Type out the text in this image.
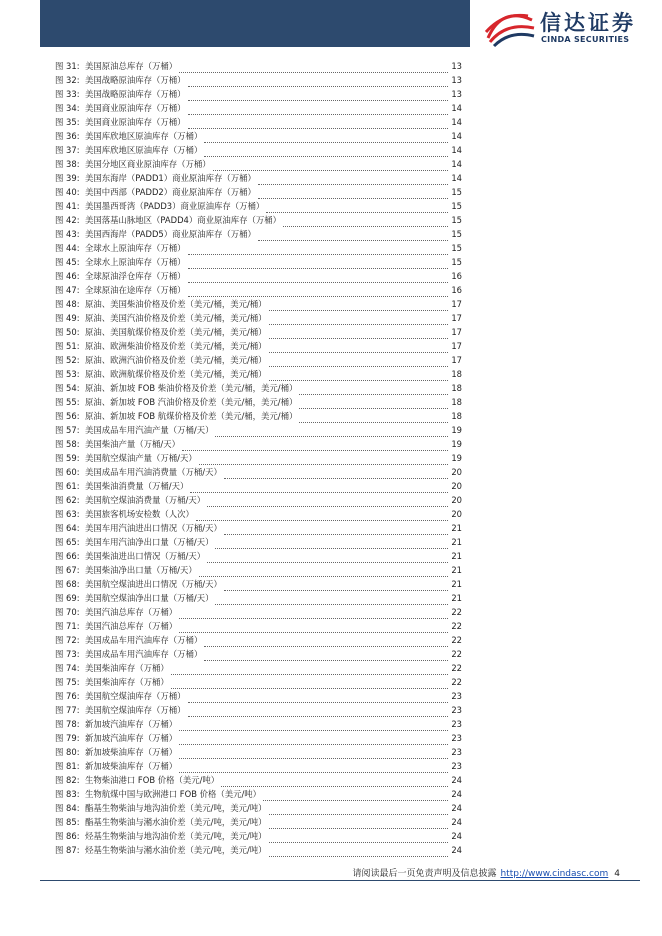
信达证券
CINDA SECURITIES
图 31: 美国原油总库存（万桶）	13
图 32: 美国战略原油库存（万桶）	13
图 33: 美国战略原油库存（万桶）	13
图 34: 美国商业原油库存（万桶）	14
图 35: 美国商业原油库存（万桶）	14
图 36: 美国库欣地区原油库存（万桶）	14
图 37: 美国库欣地区原油库存（万桶）	14
图 38: 美国分地区商业原油库存（万桶）	14
图 39: 美国东海岸（PADD1）商业原油库存（万桶）	14
图 40: 美国中西部（PADD2）商业原油库存（万桶）	15
图 41: 美国墨西哥湾（PADD3）商业原油库存（万桶）	15
图 42: 美国落基山脉地区（PADD4）商业原油库存（万桶）	15
图 43: 美国西海岸（PADD5）商业原油库存（万桶）	15
图 44: 全球水上原油库存（万桶）	15
图 45: 全球水上原油库存（万桶）	15
图 46: 全球原油浮仓库存（万桶）	16
图 47: 全球原油在途库存（万桶）	16
图 48: 原油、美国柴油价格及价差（美元/桶，美元/桶）	17
图 49: 原油、美国汽油价格及价差（美元/桶，美元/桶）	17
图 50: 原油、美国航煤价格及价差（美元/桶，美元/桶）	17
图 51: 原油、欧洲柴油价格及价差（美元/桶，美元/桶）	17
图 52: 原油、欧洲汽油价格及价差（美元/桶，美元/桶）	17
图 53: 原油、欧洲航煤价格及价差（美元/桶，美元/桶）	18
图 54: 原油、新加坡 FOB 柴油价格及价差（美元/桶，美元/桶）	18
图 55: 原油、新加坡 FOB 汽油价格及价差（美元/桶，美元/桶）	18
图 56: 原油、新加坡 FOB 航煤价格及价差（美元/桶，美元/桶）	18
图 57: 美国成品车用汽油产量（万桶/天）	19
图 58: 美国柴油产量（万桶/天）	19
图 59: 美国航空煤油产量（万桶/天）	19
图 60: 美国成品车用汽油消费量（万桶/天）	20
图 61: 美国柴油消费量（万桶/天）	20
图 62: 美国航空煤油消费量（万桶/天）	20
图 63: 美国旅客机场安检数（人次）	20
图 64: 美国车用汽油进出口情况（万桶/天）	21
图 65: 美国车用汽油净出口量（万桶/天）	21
图 66: 美国柴油进出口情况（万桶/天）	21
图 67: 美国柴油净出口量（万桶/天）	21
图 68: 美国航空煤油进出口情况（万桶/天）	21
图 69: 美国航空煤油净出口量（万桶/天）	21
图 70: 美国汽油总库存（万桶）	22
图 71: 美国汽油总库存（万桶）	22
图 72: 美国成品车用汽油库存（万桶）	22
图 73: 美国成品车用汽油库存（万桶）	22
图 74: 美国柴油库存（万桶）	22
图 75: 美国柴油库存（万桶）	22
图 76: 美国航空煤油库存（万桶）	23
图 77: 美国航空煤油库存（万桶）	23
图 78: 新加坡汽油库存（万桶）	23
图 79: 新加坡汽油库存（万桶）	23
图 80: 新加坡柴油库存（万桶）	23
图 81: 新加坡柴油库存（万桶）	23
图 82: 生物柴油港口 FOB 价格（美元/吨）	24
图 83: 生物航煤中国与欧洲港口 FOB 价格（美元/吨）	24
图 84: 酯基生物柴油与地沟油价差（美元/吨，美元/吨）	24
图 85: 酯基生物柴油与潲水油价差（美元/吨，美元/吨）	24
图 86: 烃基生物柴油与地沟油价差（美元/吨，美元/吨）	24
图 87: 烃基生物柴油与潲水油价差（美元/吨，美元/吨）	24
请阅读最后一页免责声明及信息披露 http://www.cindasc.com 4
